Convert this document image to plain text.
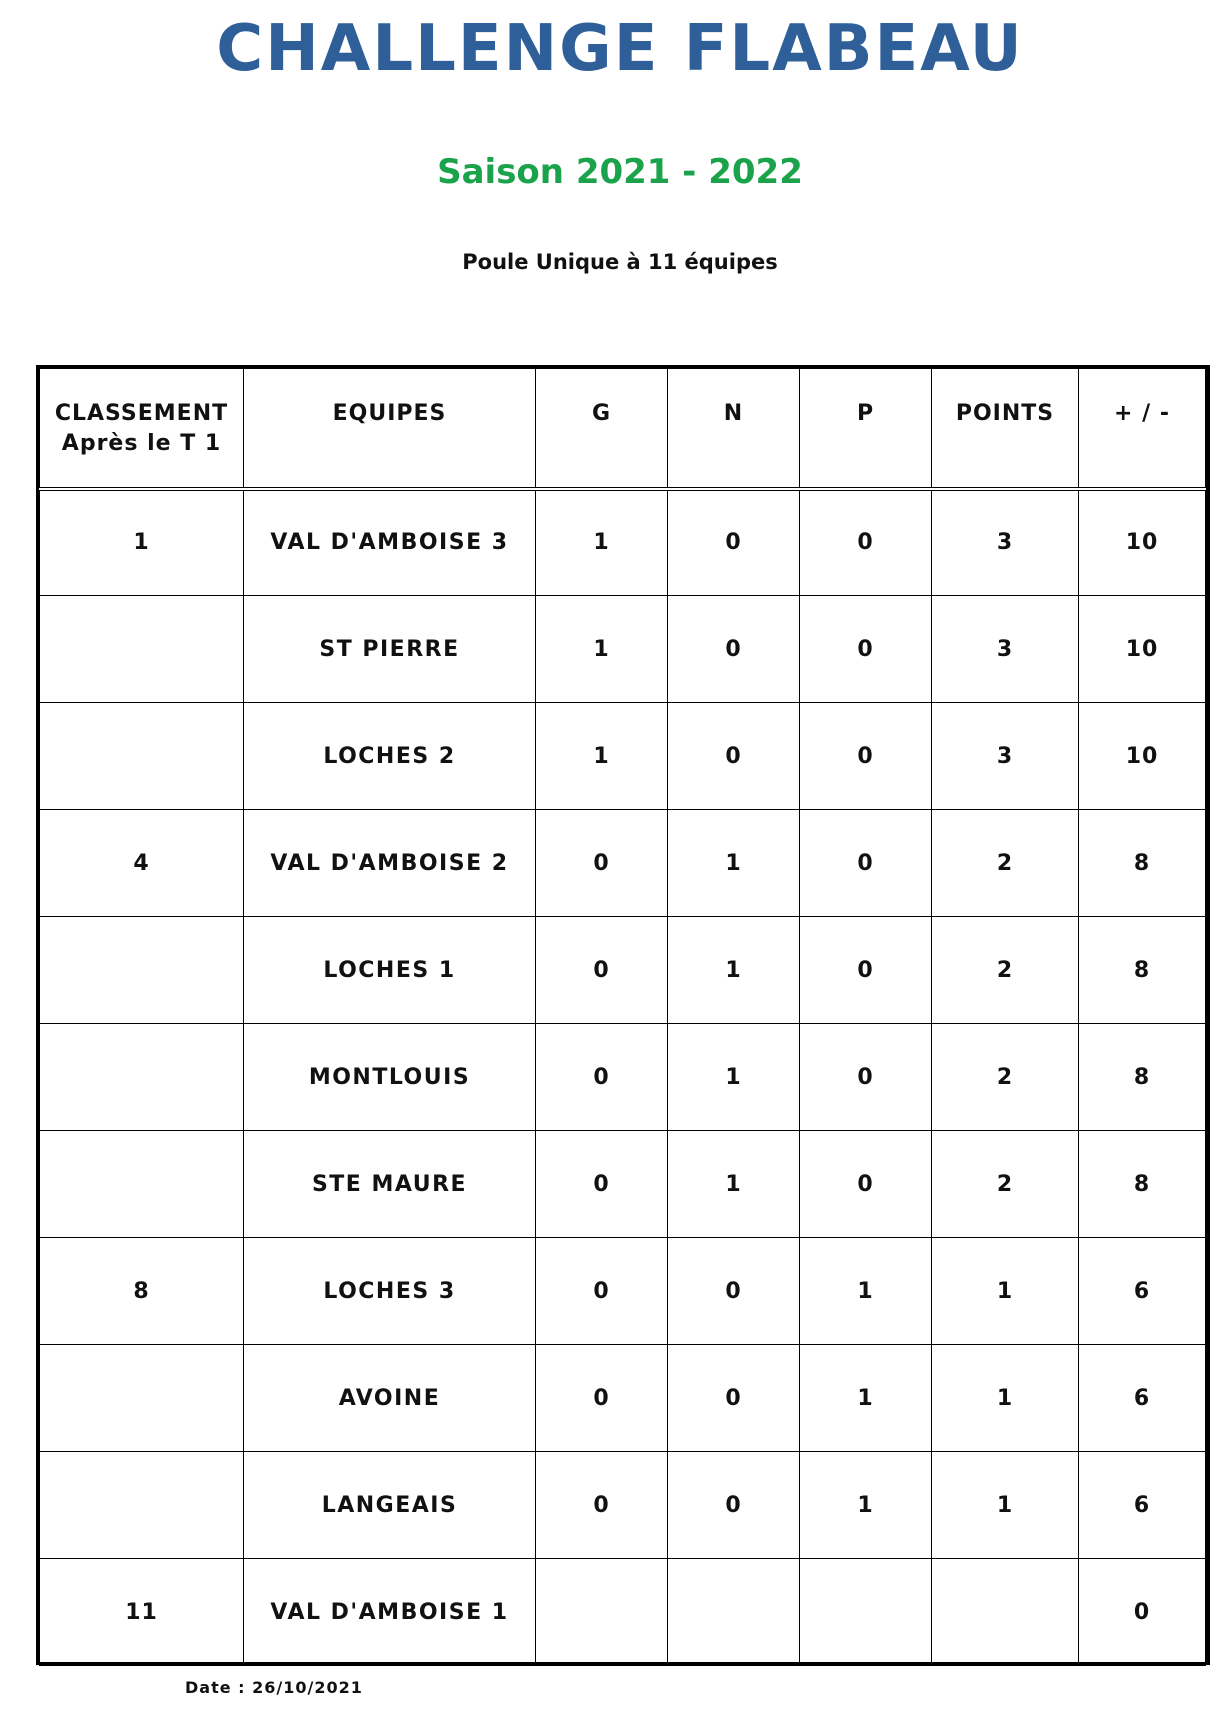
CHALLENGE FLABEAU
Saison 2021 - 2022
Poule Unique à 11 équipes
CLASSEMENT
Après le T 1	EQUIPES	G	N	P	POINTS	+ / -
1	VAL D'AMBOISE 3	1	0	0	3	10
	ST PIERRE	1	0	0	3	10
	LOCHES 2	1	0	0	3	10
4	VAL D'AMBOISE 2	0	1	0	2	8
	LOCHES 1	0	1	0	2	8
	MONTLOUIS	0	1	0	2	8
	STE MAURE	0	1	0	2	8
8	LOCHES 3	0	0	1	1	6
	AVOINE	0	0	1	1	6
	LANGEAIS	0	0	1	1	6
11	VAL D'AMBOISE 1					0
Date : 26/10/2021
